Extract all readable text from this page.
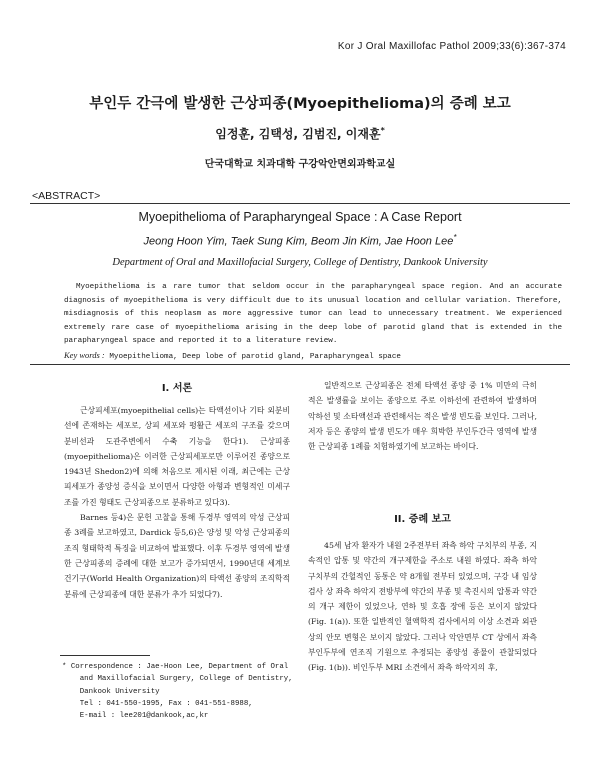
Kor J Oral Maxillofac Pathol 2009;33(6):367-374
부인두 간극에 발생한 근상피종(Myoepithelioma)의 증례 보고
임정훈, 김택성, 김범진, 이재훈*
단국대학교 치과대학 구강악안면외과학교실
<ABSTRACT>
Myoepithelioma of Parapharyngeal Space : A Case Report
Jeong Hoon Yim, Taek Sung Kim, Beom Jin Kim, Jae Hoon Lee*
Department of Oral and Maxillofacial Surgery, College of Dentistry, Dankook University
Myoepithelioma is a rare tumor that seldom occur in the parapharyngeal space region. And an accurate diagnosis of myoepithelioma is very difficult due to its unusual location and cellular variation. Therefore, misdiagnosis of this neoplasm as more aggressive tumor can lead to unnecessary treatment. We experienced extremely rare case of myoepithelioma arising in the deep lobe of parotid gland that is extended in the parapharyngeal space and reported it to a literature review.
Key words : Myoepithelioma, Deep lobe of parotid gland, Parapharyngeal space
I. 서론

근상피세포(myoepithelial cells)는 타액선이나 기타 외분비선에 존재하는 세포로, 상피 세포와 평활근 세포의 구조를 갖으며 분비선과 도관주변에서 수축 기능을 한다1). 근상피종(myoepithelioma)은 이러한 근상피세포로만 이루어진 종양으로 1943년 Shedon2)에 의해 처음으로 제시된 이래, 최근에는 근상피세포가 종양성 증식을 보이면서 다양한 아형과 변형적인 미세구조를 가진 형태도 근상피종으로 분류하고 있다3).

Barnes 등4)은 문헌 고찰을 통해 두경부 영역의 악성 근상피종 3례를 보고하였고, Dardick 등5,6)은 양성 및 악성 근상피종의 조직 형태학적 특징을 비교하여 발표했다. 이후 두경부 영역에 발생한 근상피종의 증례에 대한 보고가 증가되면서, 1990년대 세계보건기구(World Health Organization)의 타액선 종양의 조직학적 분류에 근상피종에 대한 분류가 추가 되었다7).

일반적으로 근상피종은 전체 타액선 종양 중 1% 미만의 극히 적은 발생률을 보이는 종양으로 주로 이하선에 관련하여 발생하며 악하선 및 소타액선과 관련해서는 적은 발생 빈도를 보인다. 그러나, 저자 등은 종양의 발생 빈도가 매우 희박한 부인두간극 영역에 발생한 근상피종 1례를 치험하였기에 보고하는 바이다.

II. 증례 보고

45세 남자 환자가 내원 2주전부터 좌측 하악 구치부의 부종, 지속적인 압통 및 약간의 개구제한을 주소로 내원 하였다. 좌측 하악 구치부의 간헐적인 동통은 약 8개월 전부터 있었으며, 구강 내 임상 검사 상 좌측 하악지 전방부에 약간의 부종 및 촉진시의 압통과 약간의 개구 제한이 있었으나, 연하 및 호흡 장애 등은 보이지 않았다(Fig. 1(a)). 또한 일반적인 혈액학적 검사에서의 이상 소견과 외관 상의 안모 변형은 보이지 않았다. 그러나 악안면부 CT 상에서 좌측 부인두부에 연조직 기원으로 추정되는 종양성 종물이 관찰되었다(Fig. 1(b)). 비인두부 MRI 소견에서 좌측 하악지의 후,

* Correspondence : Jae-Hoon Lee, Department of Oral
and Maxillofacial Surgery, College of Dentistry,
Dankook University
Tel : 041-550-1995, Fax : 041-551-8988,
E-mail : lee201@dankook,ac,kr
